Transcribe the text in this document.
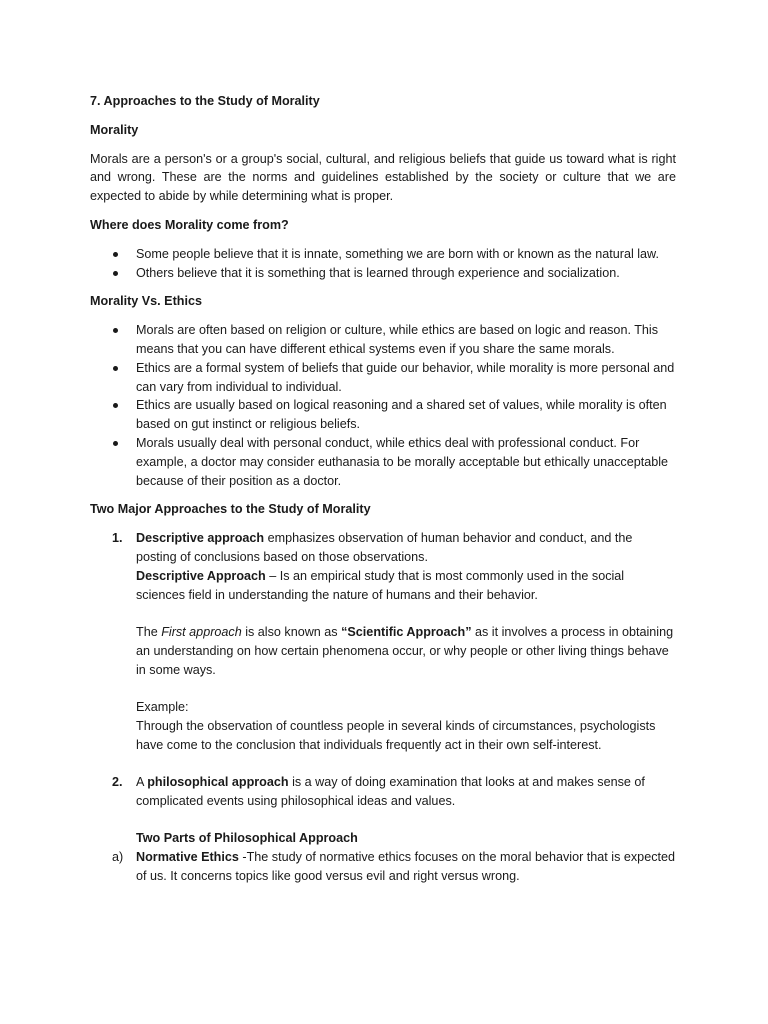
7. Approaches to the Study of Morality
Morality
Morals are a person's or a group's social, cultural, and religious beliefs that guide us toward what is right and wrong. These are the norms and guidelines established by the society or culture that we are expected to abide by while determining what is proper.
Where does Morality come from?
Some people believe that it is innate, something we are born with or known as the natural law.
Others believe that it is something that is learned through experience and socialization.
Morality Vs. Ethics
Morals are often based on religion or culture, while ethics are based on logic and reason. This means that you can have different ethical systems even if you share the same morals.
Ethics are a formal system of beliefs that guide our behavior, while morality is more personal and can vary from individual to individual.
Ethics are usually based on logical reasoning and a shared set of values, while morality is often based on gut instinct or religious beliefs.
Morals usually deal with personal conduct, while ethics deal with professional conduct. For example, a doctor may consider euthanasia to be morally acceptable but ethically unacceptable because of their position as a doctor.
Two Major Approaches to the Study of Morality
1. Descriptive approach emphasizes observation of human behavior and conduct, and the posting of conclusions based on those observations.
Descriptive Approach – Is an empirical study that is most commonly used in the social sciences field in understanding the nature of humans and their behavior.
The First approach is also known as “Scientific Approach” as it involves a process in obtaining an understanding on how certain phenomena occur, or why people or other living things behave in some ways.
Example:
Through the observation of countless people in several kinds of circumstances, psychologists have come to the conclusion that individuals frequently act in their own self-interest.
2. A philosophical approach is a way of doing examination that looks at and makes sense of complicated events using philosophical ideas and values.
Two Parts of Philosophical Approach
a) Normative Ethics -The study of normative ethics focuses on the moral behavior that is expected of us. It concerns topics like good versus evil and right versus wrong.
